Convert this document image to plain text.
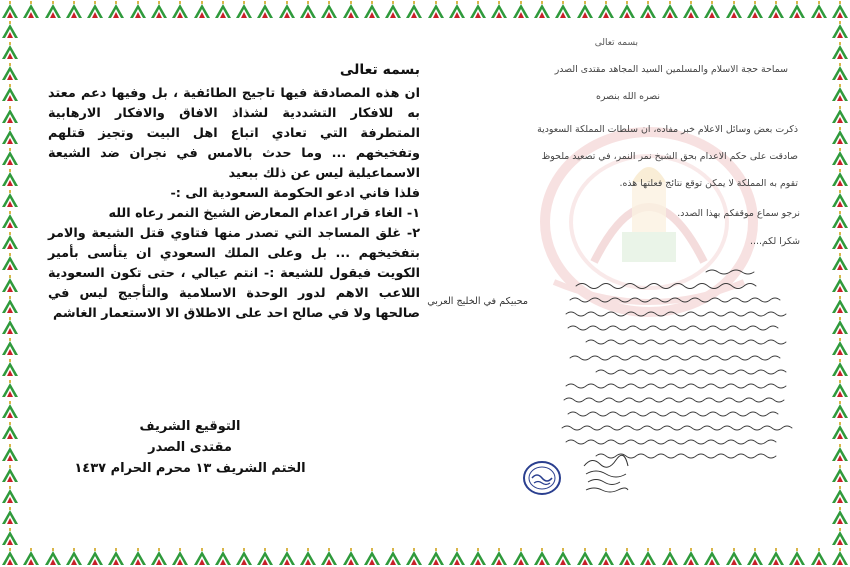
بسمه تعالى
سماحة حجة الاسلام والمسلمين السيد المجاهد مقتدى الصدر
نصره الله بنصره
ذكرت بعض وسائل الاعلام خبر مفاده، ان سلطات المملكة السعودية
صادقت على حكم الاعدام بحق الشيخ نمر النمر، في تصعيد ملحوظ
تقوم به المملكة لا يمكن توقع نتائج فعلتها هذه.
نرجو سماع موقفكم بهذا الصدد.
شكرا لكم....
محبيكم في الخليج العربي
بسمه تعالى

ان هذه المصادقة فيها تاجيج الطائفية ، بل وفيها دعم معتد به للافكار التشددية لشذاذ الافاق والافكار الارهابية المتطرفة التي تعادي اتباع اهل البيت وتجيز قتلهم وتفخيخهم ... وما حدث بالامس في نجران ضد الشيعة الاسماعيلية ليس عن ذلك ببعيد

فلذا فاني ادعو الحكومة السعودية الى :-

١- الغاء قرار اعدام المعارض الشيخ النمر رعاه الله

٢- غلق المساجد التي تصدر منها فتاوي قتل الشيعة والامر بتفخيخهم ... بل وعلى الملك السعودي ان يتأسى بأمير الكويت فيقول للشيعة :- انتم عيالي ، حتى تكون السعودية اللاعب الاهم لدور الوحدة الاسلامية والتأجيج ليس في صالحها ولا في صالح احد على الاطلاق الا الاستعمار الغاشم

التوقيع الشريف
مقتدى الصدر
الختم الشريف ١٣ محرم الحرام ١٤٣٧
